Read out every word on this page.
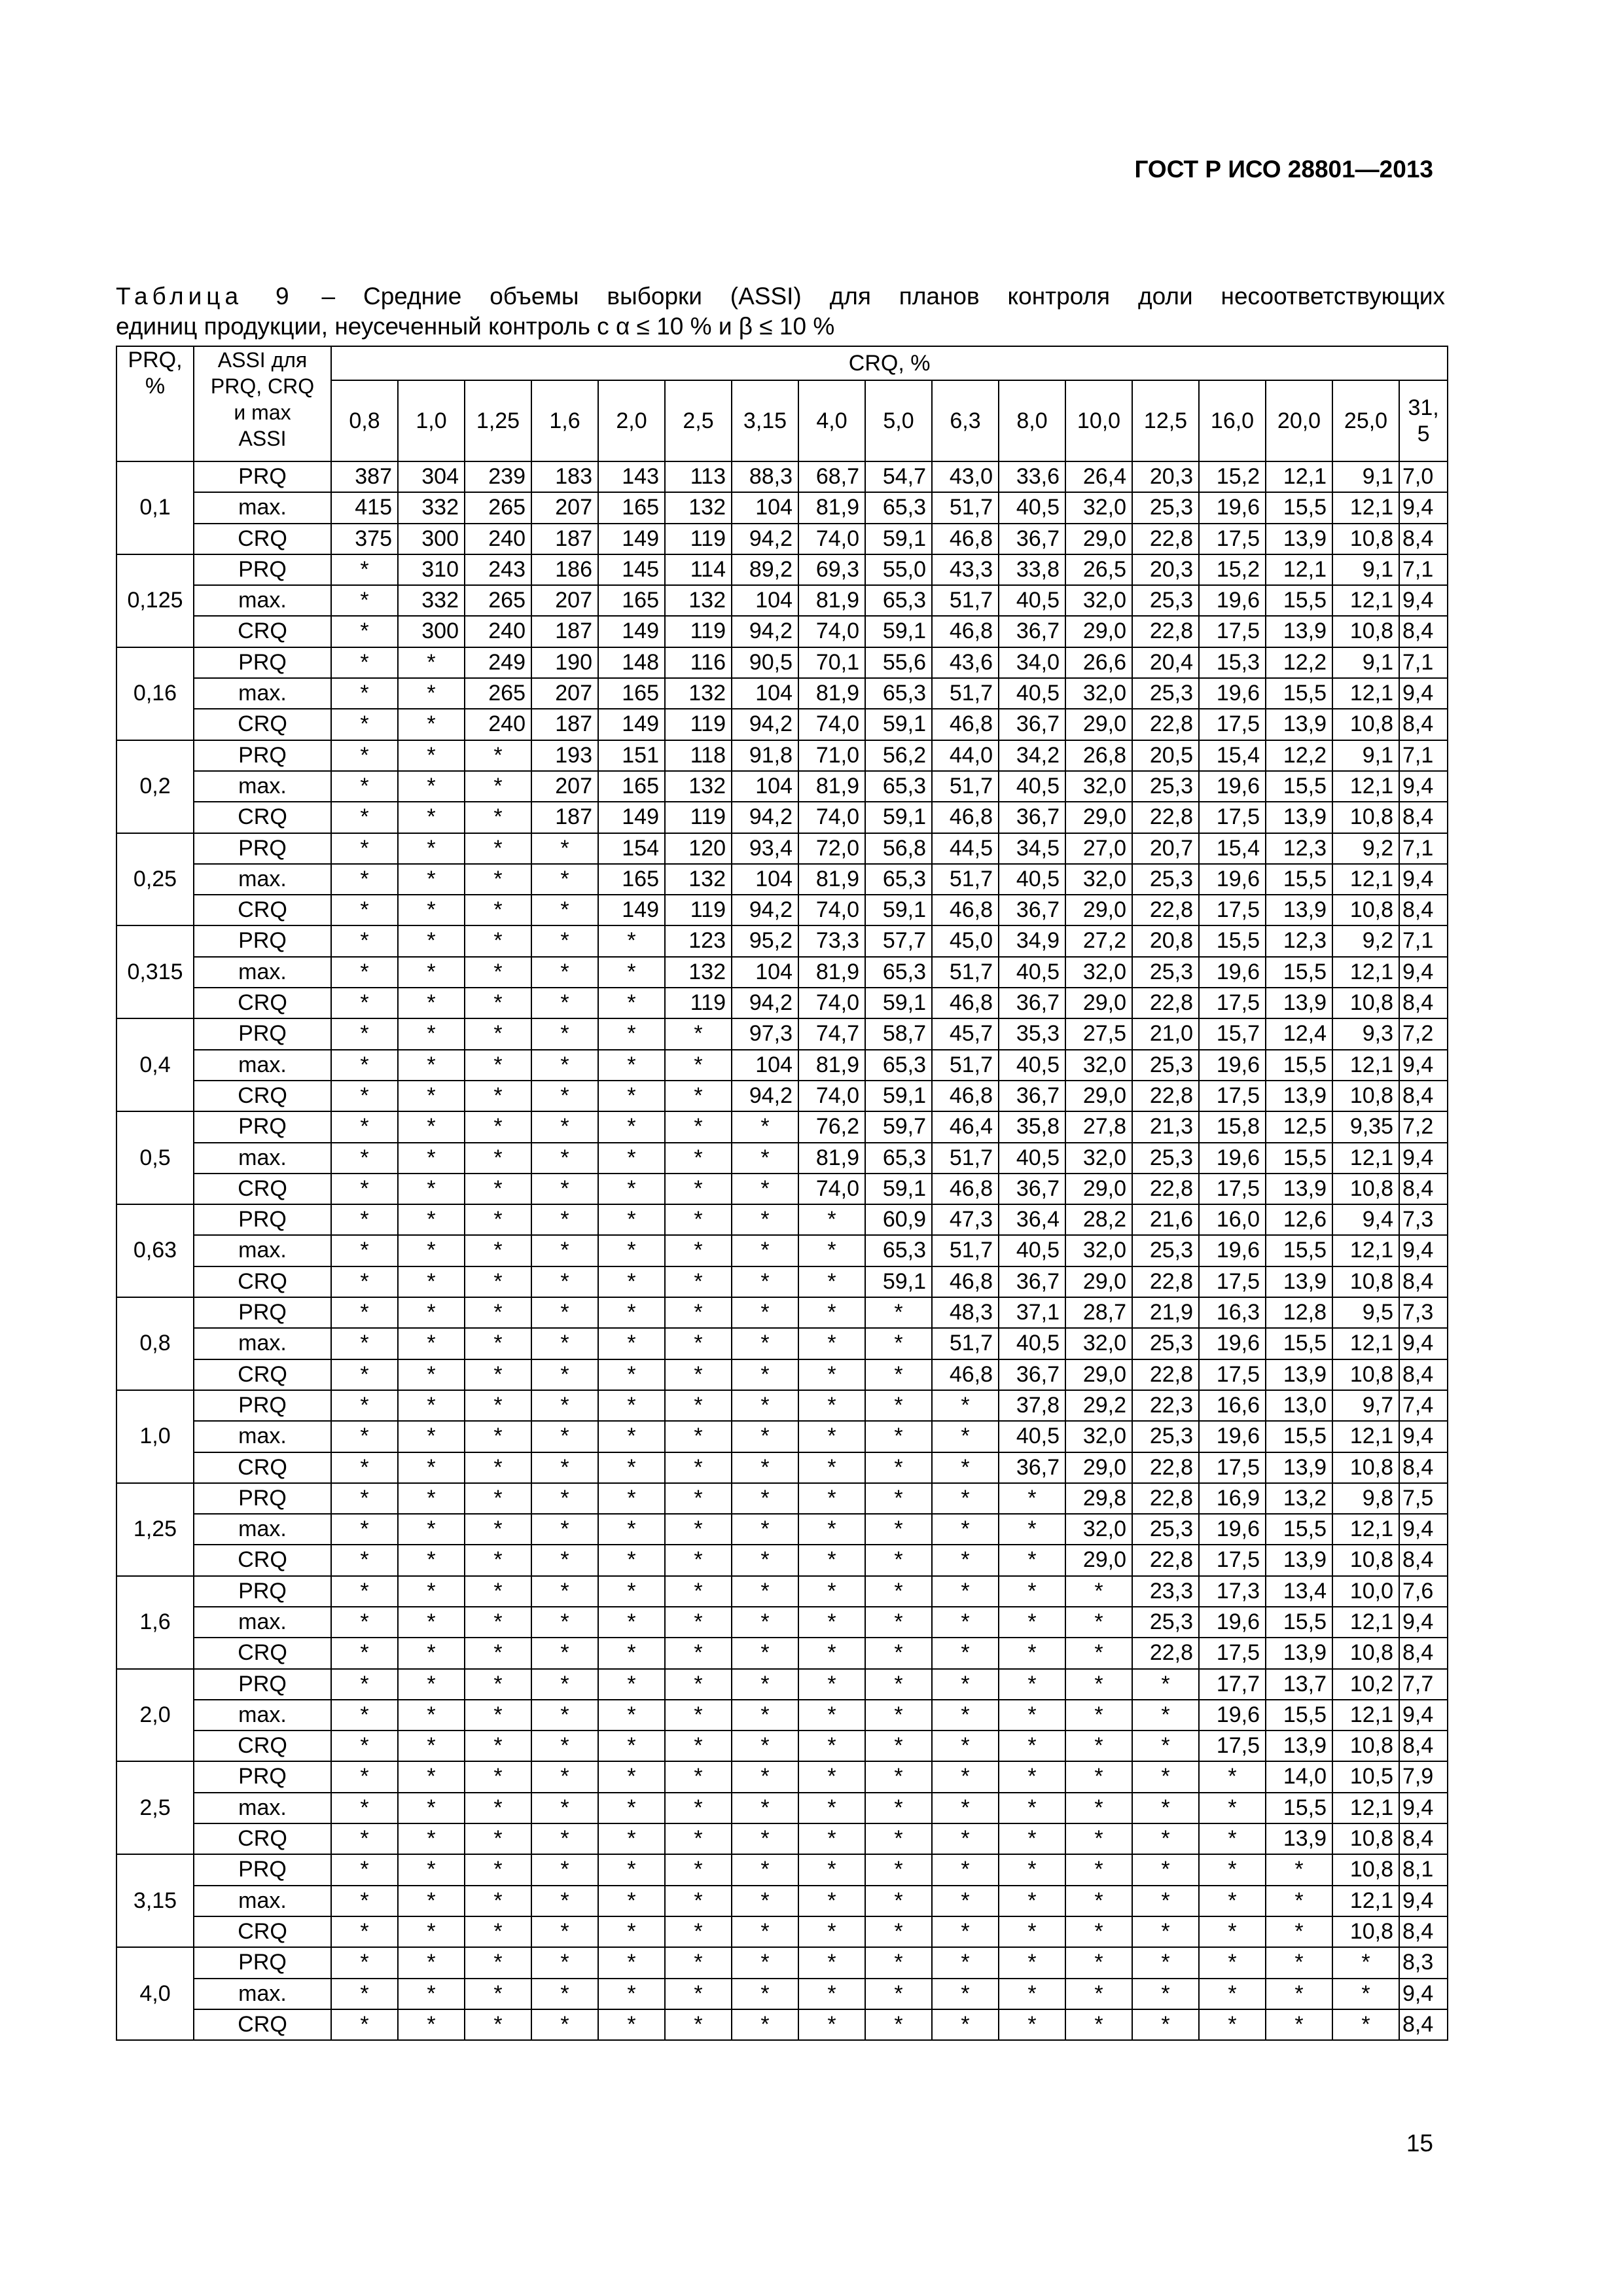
ГОСТ Р ИСО 28801—2013
Таблица 9 – Средние объемы выборки (ASSI) для планов контроля доли несоответствующих
единиц продукции, неусеченный контроль с α ≤ 10 % и β ≤ 10 %
PRQ,
%	ASSI для
PRQ, CRQ
и max
ASSI	CRQ, %																
		0,8	1,0	1,25	1,6	2,0	2,5	3,15	4,0	5,0	6,3	8,0	10,0	12,5	16,0	20,0	25,0	31,
5
0,1	PRQ	387	304	239	183	143	113	88,3	68,7	54,7	43,0	33,6	26,4	20,3	15,2	12,1	9,1	7,0
	max.	415	332	265	207	165	132	104	81,9	65,3	51,7	40,5	32,0	25,3	19,6	15,5	12,1	9,4
	CRQ	375	300	240	187	149	119	94,2	74,0	59,1	46,8	36,7	29,0	22,8	17,5	13,9	10,8	8,4
0,125	PRQ	*	310	243	186	145	114	89,2	69,3	55,0	43,3	33,8	26,5	20,3	15,2	12,1	9,1	7,1
	max.	*	332	265	207	165	132	104	81,9	65,3	51,7	40,5	32,0	25,3	19,6	15,5	12,1	9,4
	CRQ	*	300	240	187	149	119	94,2	74,0	59,1	46,8	36,7	29,0	22,8	17,5	13,9	10,8	8,4
0,16	PRQ	*	*	249	190	148	116	90,5	70,1	55,6	43,6	34,0	26,6	20,4	15,3	12,2	9,1	7,1
	max.	*	*	265	207	165	132	104	81,9	65,3	51,7	40,5	32,0	25,3	19,6	15,5	12,1	9,4
	CRQ	*	*	240	187	149	119	94,2	74,0	59,1	46,8	36,7	29,0	22,8	17,5	13,9	10,8	8,4
0,2	PRQ	*	*	*	193	151	118	91,8	71,0	56,2	44,0	34,2	26,8	20,5	15,4	12,2	9,1	7,1
	max.	*	*	*	207	165	132	104	81,9	65,3	51,7	40,5	32,0	25,3	19,6	15,5	12,1	9,4
	CRQ	*	*	*	187	149	119	94,2	74,0	59,1	46,8	36,7	29,0	22,8	17,5	13,9	10,8	8,4
0,25	PRQ	*	*	*	*	154	120	93,4	72,0	56,8	44,5	34,5	27,0	20,7	15,4	12,3	9,2	7,1
	max.	*	*	*	*	165	132	104	81,9	65,3	51,7	40,5	32,0	25,3	19,6	15,5	12,1	9,4
	CRQ	*	*	*	*	149	119	94,2	74,0	59,1	46,8	36,7	29,0	22,8	17,5	13,9	10,8	8,4
0,315	PRQ	*	*	*	*	*	123	95,2	73,3	57,7	45,0	34,9	27,2	20,8	15,5	12,3	9,2	7,1
	max.	*	*	*	*	*	132	104	81,9	65,3	51,7	40,5	32,0	25,3	19,6	15,5	12,1	9,4
	CRQ	*	*	*	*	*	119	94,2	74,0	59,1	46,8	36,7	29,0	22,8	17,5	13,9	10,8	8,4
0,4	PRQ	*	*	*	*	*	*	97,3	74,7	58,7	45,7	35,3	27,5	21,0	15,7	12,4	9,3	7,2
	max.	*	*	*	*	*	*	104	81,9	65,3	51,7	40,5	32,0	25,3	19,6	15,5	12,1	9,4
	CRQ	*	*	*	*	*	*	94,2	74,0	59,1	46,8	36,7	29,0	22,8	17,5	13,9	10,8	8,4
0,5	PRQ	*	*	*	*	*	*	*	76,2	59,7	46,4	35,8	27,8	21,3	15,8	12,5	9,35	7,2
	max.	*	*	*	*	*	*	*	81,9	65,3	51,7	40,5	32,0	25,3	19,6	15,5	12,1	9,4
	CRQ	*	*	*	*	*	*	*	74,0	59,1	46,8	36,7	29,0	22,8	17,5	13,9	10,8	8,4
0,63	PRQ	*	*	*	*	*	*	*	*	60,9	47,3	36,4	28,2	21,6	16,0	12,6	9,4	7,3
	max.	*	*	*	*	*	*	*	*	65,3	51,7	40,5	32,0	25,3	19,6	15,5	12,1	9,4
	CRQ	*	*	*	*	*	*	*	*	59,1	46,8	36,7	29,0	22,8	17,5	13,9	10,8	8,4
0,8	PRQ	*	*	*	*	*	*	*	*	*	48,3	37,1	28,7	21,9	16,3	12,8	9,5	7,3
	max.	*	*	*	*	*	*	*	*	*	51,7	40,5	32,0	25,3	19,6	15,5	12,1	9,4
	CRQ	*	*	*	*	*	*	*	*	*	46,8	36,7	29,0	22,8	17,5	13,9	10,8	8,4
1,0	PRQ	*	*	*	*	*	*	*	*	*	*	37,8	29,2	22,3	16,6	13,0	9,7	7,4
	max.	*	*	*	*	*	*	*	*	*	*	40,5	32,0	25,3	19,6	15,5	12,1	9,4
	CRQ	*	*	*	*	*	*	*	*	*	*	36,7	29,0	22,8	17,5	13,9	10,8	8,4
1,25	PRQ	*	*	*	*	*	*	*	*	*	*	*	29,8	22,8	16,9	13,2	9,8	7,5
	max.	*	*	*	*	*	*	*	*	*	*	*	32,0	25,3	19,6	15,5	12,1	9,4
	CRQ	*	*	*	*	*	*	*	*	*	*	*	29,0	22,8	17,5	13,9	10,8	8,4
1,6	PRQ	*	*	*	*	*	*	*	*	*	*	*	*	23,3	17,3	13,4	10,0	7,6
	max.	*	*	*	*	*	*	*	*	*	*	*	*	25,3	19,6	15,5	12,1	9,4
	CRQ	*	*	*	*	*	*	*	*	*	*	*	*	22,8	17,5	13,9	10,8	8,4
2,0	PRQ	*	*	*	*	*	*	*	*	*	*	*	*	*	17,7	13,7	10,2	7,7
	max.	*	*	*	*	*	*	*	*	*	*	*	*	*	19,6	15,5	12,1	9,4
	CRQ	*	*	*	*	*	*	*	*	*	*	*	*	*	17,5	13,9	10,8	8,4
2,5	PRQ	*	*	*	*	*	*	*	*	*	*	*	*	*	*	14,0	10,5	7,9
	max.	*	*	*	*	*	*	*	*	*	*	*	*	*	*	15,5	12,1	9,4
	CRQ	*	*	*	*	*	*	*	*	*	*	*	*	*	*	13,9	10,8	8,4
3,15	PRQ	*	*	*	*	*	*	*	*	*	*	*	*	*	*	*	10,8	8,1
	max.	*	*	*	*	*	*	*	*	*	*	*	*	*	*	*	12,1	9,4
	CRQ	*	*	*	*	*	*	*	*	*	*	*	*	*	*	*	10,8	8,4
4,0	PRQ	*	*	*	*	*	*	*	*	*	*	*	*	*	*	*	*	8,3
	max.	*	*	*	*	*	*	*	*	*	*	*	*	*	*	*	*	9,4
	CRQ	*	*	*	*	*	*	*	*	*	*	*	*	*	*	*	*	8,4
15
